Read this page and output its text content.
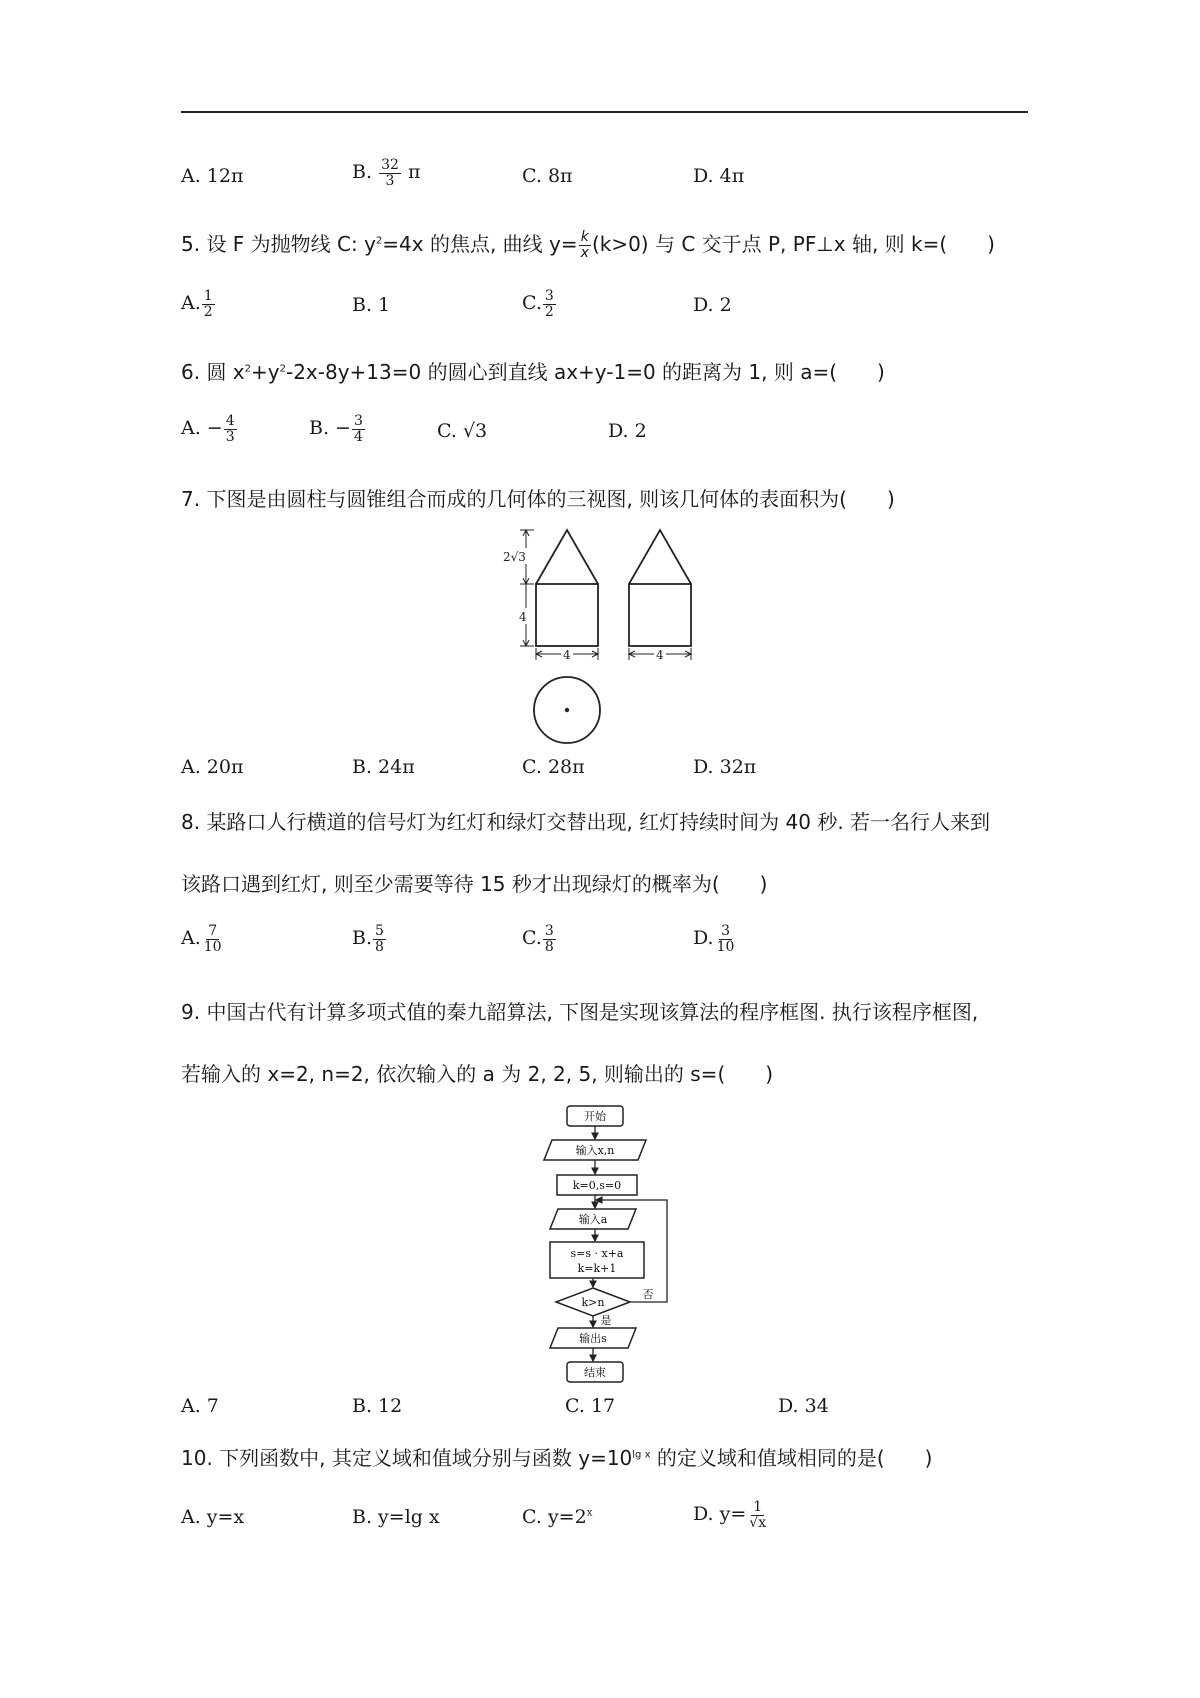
A. 12π	B. $\frac{32}{3}$ π	C. 8π	D. 4π
5. 设 F 为抛物线 C: $y^2=4x$ 的焦点, 曲线 $y= \frac{k}{x} (k>0)$ 与 C 交于点 P, PF⊥x 轴, 则 k=(　　)
A. $\frac{1}{2}$	B. 1	C. $\frac{3}{2}$	D. 2
6. 圆 $x^2+y^2-2x-8y+13=0$ 的圆心到直线 ax+y-1=0 的距离为 1, 则 a=(　　)
A. − $\frac{4}{3}$	B. − $\frac{3}{4}$	C. √3	D. 2
7. 下图是由圆柱与圆锥组合而成的几何体的三视图, 则该几何体的表面积为(　　)
2√3
4
4	4
A. 20π	B. 24π	C. 28π	D. 32π
8. 某路口人行横道的信号灯为红灯和绿灯交替出现, 红灯持续时间为 40 秒. 若一名行人来到
该路口遇到红灯, 则至少需要等待 15 秒才出现绿灯的概率为(　　)
A. $\frac{7}{10}$	B. $\frac{5}{8}$	C. $\frac{3}{8}$	D. $\frac{3}{10}$
9. 中国古代有计算多项式值的秦九韶算法, 下图是实现该算法的程序框图. 执行该程序框图,
若输入的 x=2, n=2, 依次输入的 a 为 2, 2, 5, 则输出的 s=(　　)
开始
输入x,n
k=0,s=0
输入a
s=s · x+a
k=k+1
k>n
否
是
输出s
结束
A. 7	B. 12	C. 17	D. 34
10. 下列函数中, 其定义域和值域分别与函数 $y=10^{lg x}$ 的定义域和值域相同的是(　　)
A. y=x	B. y=lg x	C. $y=2^x$	D. $y= \frac{1}{√x}$
